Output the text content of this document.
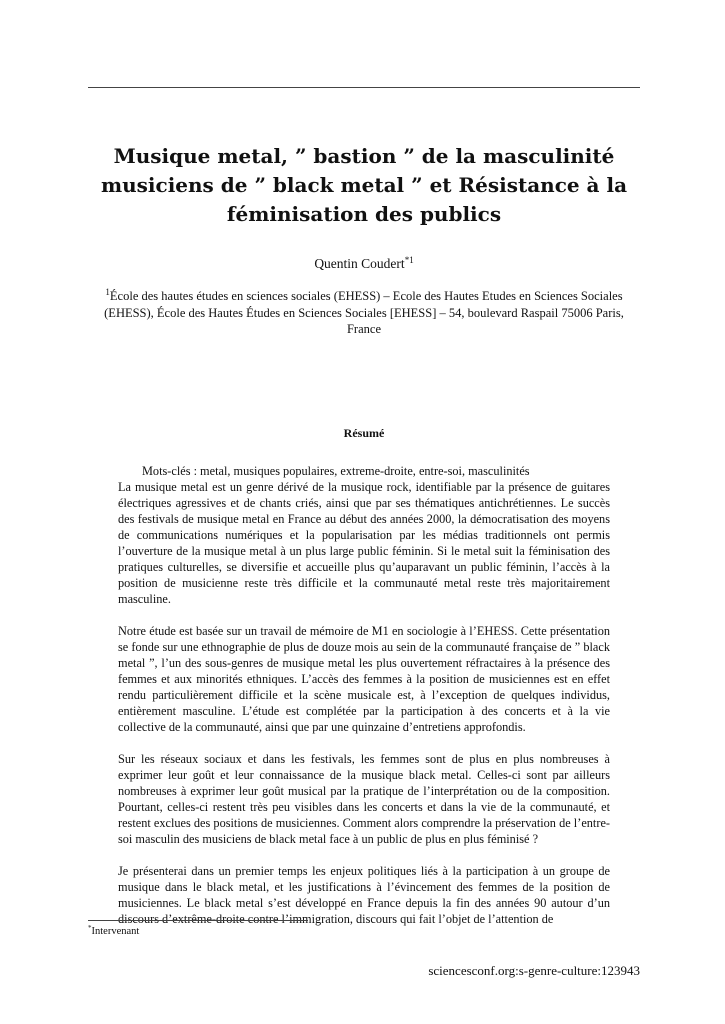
Musique metal, ” bastion ” de la masculinité
musiciens de ” black metal ” et Résistance à la
féminisation des publics
Quentin Coudert$^{*1}$
$^1$École des hautes études en sciences sociales (EHESS) – Ecole des Hautes Etudes en Sciences Sociales (EHESS), École des Hautes Études en Sciences Sociales [EHESS] – 54, boulevard Raspail 75006 Paris, France
Résumé

Mots-clés : metal, musiques populaires, extreme-droite, entre-soi, masculinités
La musique metal est un genre dérivé de la musique rock, identifiable par la présence de guitares électriques agressives et de chants criés, ainsi que par ses thématiques antichrétiennes. Le succès des festivals de musique metal en France au début des années 2000, la démocratisation des moyens de communications numériques et la popularisation par les médias traditionnels ont permis l’ouverture de la musique metal à un plus large public féminin. Si le metal suit la féminisation des pratiques culturelles, se diversifie et accueille plus qu’auparavant un public féminin, l’accès à la position de musicienne reste très difficile et la communauté metal reste très majoritairement masculine.

Notre étude est basée sur un travail de mémoire de M1 en sociologie à l’EHESS. Cette présentation se fonde sur une ethnographie de plus de douze mois au sein de la communauté française de ” black metal ”, l’un des sous-genres de musique metal les plus ouvertement réfractaires à la présence des femmes et aux minorités ethniques. L’accès des femmes à la position de musiciennes est en effet rendu particulièrement difficile et la scène musicale est, à l’exception de quelques individus, entièrement masculine. L’étude est complétée par la participation à des concerts et à la vie collective de la communauté, ainsi que par une quinzaine d’entretiens approfondis.

Sur les réseaux sociaux et dans les festivals, les femmes sont de plus en plus nombreuses à exprimer leur goût et leur connaissance de la musique black metal. Celles-ci sont par ailleurs nombreuses à exprimer leur goût musical par la pratique de l’interprétation ou de la composition. Pourtant, celles-ci restent très peu visibles dans les concerts et dans la vie de la communauté, et restent exclues des positions de musiciennes. Comment alors comprendre la préservation de l’entre-soi masculin des musiciens de black metal face à un public de plus en plus féminisé ?

Je présenterai dans un premier temps les enjeux politiques liés à la participation à un groupe de musique dans le black metal, et les justifications à l’évincement des femmes de la position de musiciennes. Le black metal s’est développé en France depuis la fin des années 90 autour d’un discours d’extrême-droite contre l’immigration, discours qui fait l’objet de l’attention de

*Intervenant
sciencesconf.org:s-genre-culture:123943
